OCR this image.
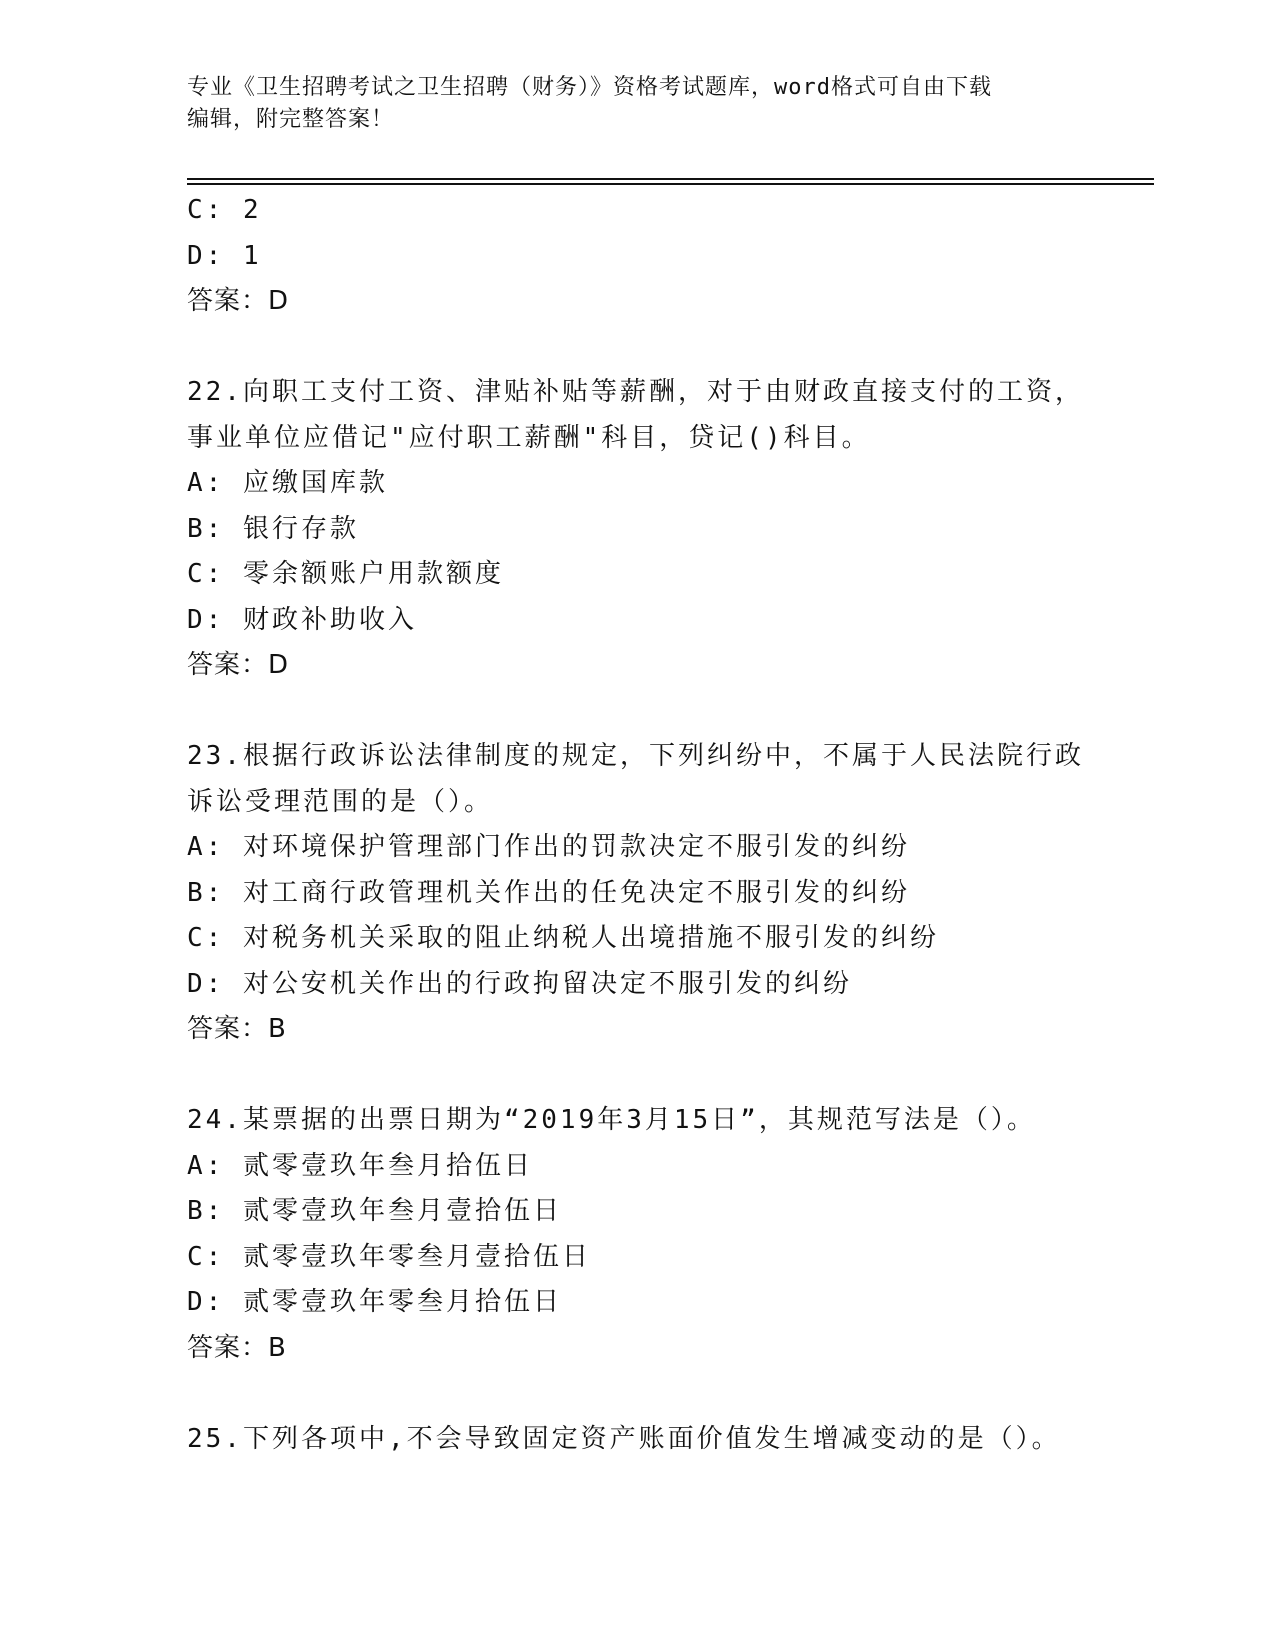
专业《卫生招聘考试之卫生招聘（财务）》资格考试题库，word格式可自由下载
编辑，附完整答案！
C: 2
D: 1
答案：D
22.向职工支付工资、津贴补贴等薪酬，对于由财政直接支付的工资，
事业单位应借记"应付职工薪酬"科目，贷记()科目。
A: 应缴国库款
B: 银行存款
C: 零余额账户用款额度
D: 财政补助收入
答案：D
23.根据行政诉讼法律制度的规定，下列纠纷中，不属于人民法院行政
诉讼受理范围的是（）。
A: 对环境保护管理部门作出的罚款决定不服引发的纠纷
B: 对工商行政管理机关作出的任免决定不服引发的纠纷
C: 对税务机关采取的阻止纳税人出境措施不服引发的纠纷
D: 对公安机关作出的行政拘留决定不服引发的纠纷
答案：B
24.某票据的出票日期为“2019年3月15日”，其规范写法是（）。
A: 贰零壹玖年叁月拾伍日
B: 贰零壹玖年叁月壹拾伍日
C: 贰零壹玖年零叁月壹拾伍日
D: 贰零壹玖年零叁月拾伍日
答案：B
25.下列各项中,不会导致固定资产账面价值发生增减变动的是（）。
